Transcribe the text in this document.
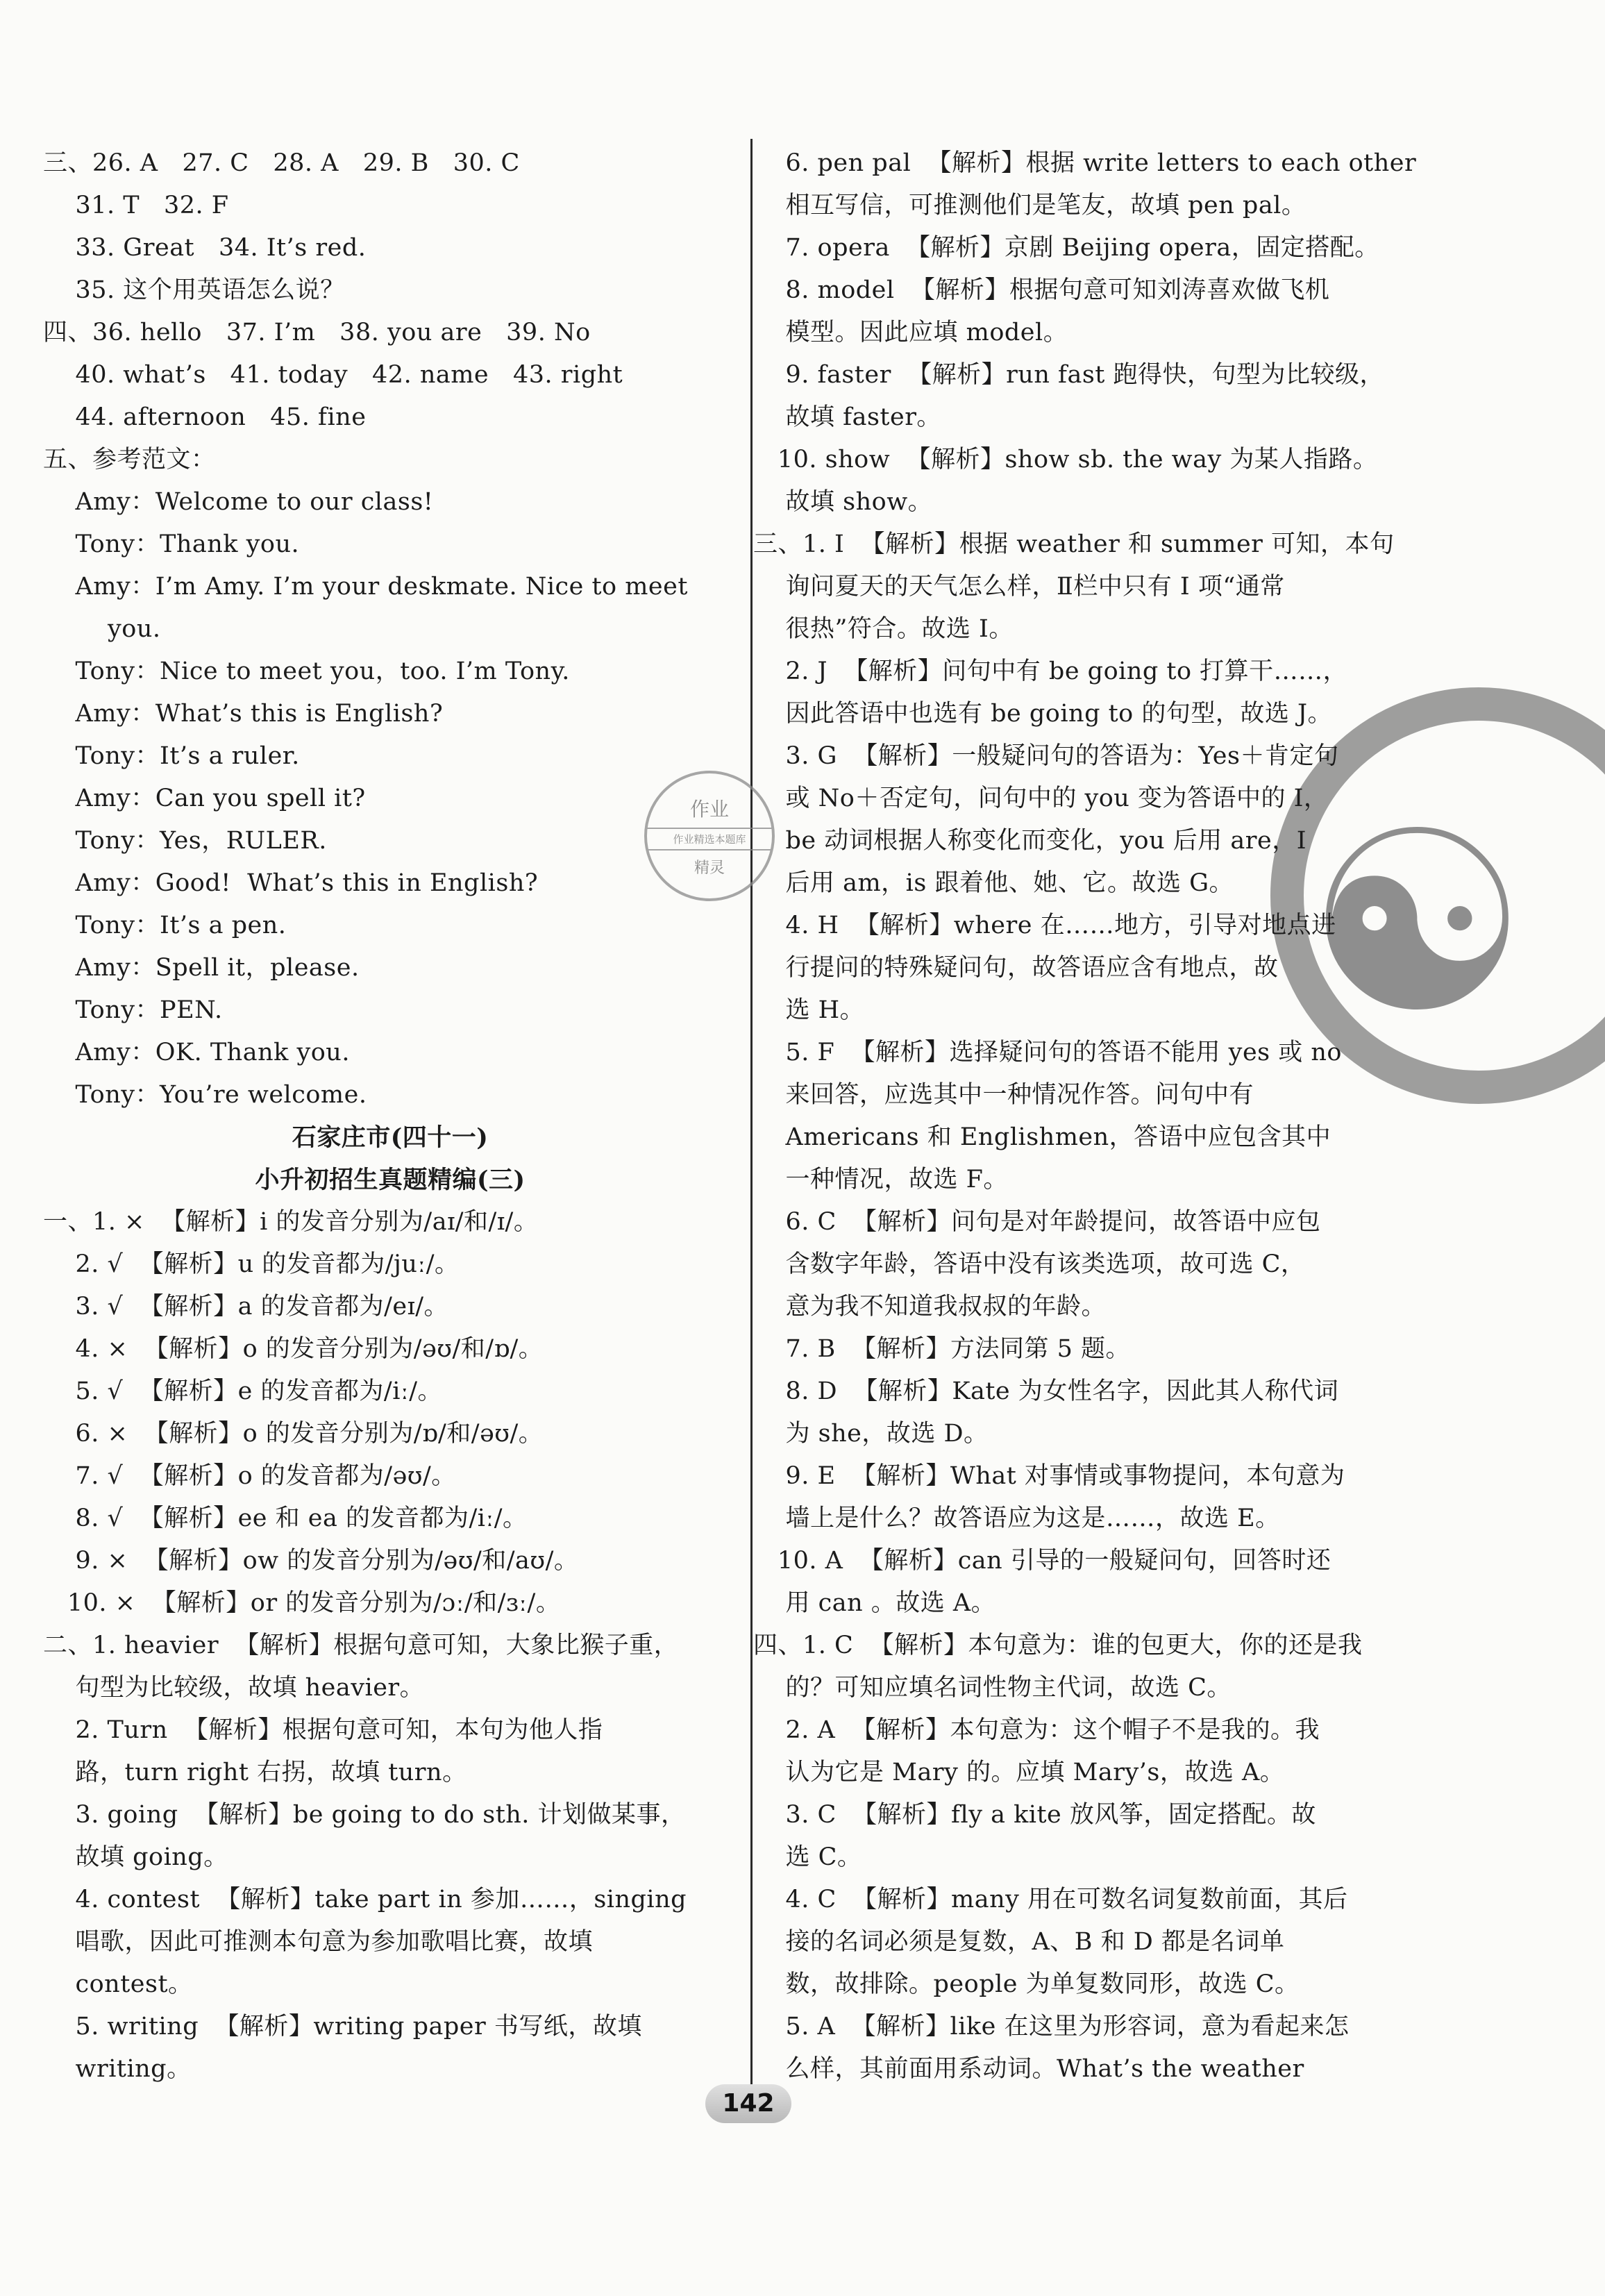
☯
三、26. A   27. C   28. A   29. B   30. C
31. T   32. F
33. Great   34. It’s red.
35. 这个用英语怎么说？
四、36. hello   37. I’m   38. you are   39. No
40. what’s   41. today   42. name   43. right
44. afternoon   45. fine
五、参考范文：
Amy：Welcome to our class!
Tony：Thank you.
Amy：I’m Amy. I’m your deskmate. Nice to meet
you.
Tony：Nice to meet you，too. I’m Tony.
Amy：What’s this is English?
Tony：It’s a ruler.
Amy：Can you spell it?
Tony：Yes，RULER.
Amy：Good!  What’s this in English?
Tony：It’s a pen.
Amy：Spell it，please.
Tony：PEN.
Amy：OK. Thank you.
Tony：You’re welcome.
一、1. ×  【解析】i 的发音分别为/aɪ/和/ɪ/。
2. √  【解析】u 的发音都为/juː/。
3. √  【解析】a 的发音都为/eɪ/。
4. ×  【解析】o 的发音分别为/əʊ/和/ɒ/。
5. √  【解析】e 的发音都为/iː/。
6. ×  【解析】o 的发音分别为/ɒ/和/əʊ/。
7. √  【解析】o 的发音都为/əʊ/。
8. √  【解析】ee 和 ea 的发音都为/iː/。
9. ×  【解析】ow 的发音分别为/əʊ/和/aʊ/。
10. ×  【解析】or 的发音分别为/ɔː/和/ɜː/。
二、1. heavier  【解析】根据句意可知，大象比猴子重，
句型为比较级，故填 heavier。
2. Turn  【解析】根据句意可知，本句为他人指
路，turn right 右拐，故填 turn。
3. going  【解析】be going to do sth. 计划做某事，
故填 going。
4. contest  【解析】take part in 参加……，singing
唱歌，因此可推测本句意为参加歌唱比赛，故填
contest。
5. writing  【解析】writing paper 书写纸，故填
writing。
石家庄市(四十一)
小升初招生真题精编(三)
6. pen pal  【解析】根据 write letters to each other
相互写信，可推测他们是笔友，故填 pen pal。
7. opera  【解析】京剧 Beijing opera，固定搭配。
8. model  【解析】根据句意可知刘涛喜欢做飞机
模型。因此应填 model。
9. faster  【解析】run fast 跑得快，句型为比较级，
故填 faster。
10. show  【解析】show sb. the way 为某人指路。
故填 show。
三、1. I  【解析】根据 weather 和 summer 可知，本句
询问夏天的天气怎么样，Ⅱ栏中只有 I 项“通常
很热”符合。故选 I。
2. J  【解析】问句中有 be going to 打算干……，
因此答语中也选有 be going to 的句型，故选 J。
3. G  【解析】一般疑问句的答语为：Yes＋肯定句
或 No＋否定句，问句中的 you 变为答语中的 I，
be 动词根据人称变化而变化，you 后用 are，I
后用 am，is 跟着他、她、它。故选 G。
4. H  【解析】where 在……地方，引导对地点进
行提问的特殊疑问句，故答语应含有地点，故
选 H。
5. F  【解析】选择疑问句的答语不能用 yes 或 no
来回答，应选其中一种情况作答。问句中有
Americans 和 Englishmen，答语中应包含其中
一种情况，故选 F。
6. C  【解析】问句是对年龄提问，故答语中应包
含数字年龄，答语中没有该类选项，故可选 C，
意为我不知道我叔叔的年龄。
7. B  【解析】方法同第 5 题。
8. D  【解析】Kate 为女性名字，因此其人称代词
为 she，故选 D。
9. E  【解析】What 对事情或事物提问，本句意为
墙上是什么？故答语应为这是……，故选 E。
10. A  【解析】can 引导的一般疑问句，回答时还
用 can 。故选 A。
四、1. C  【解析】本句意为：谁的包更大，你的还是我
的？可知应填名词性物主代词，故选 C。
2. A  【解析】本句意为：这个帽子不是我的。我
认为它是 Mary 的。应填 Mary’s，故选 A。
3. C  【解析】fly a kite 放风筝，固定搭配。故
选 C。
4. C  【解析】many 用在可数名词复数前面，其后
接的名词必须是复数，A、B 和 D 都是名词单
数，故排除。people 为单复数同形，故选 C。
5. A  【解析】like 在这里为形容词，意为看起来怎
么样，其前面用系动词。What’s the weather
作业
作业精选本题库
精灵
142
